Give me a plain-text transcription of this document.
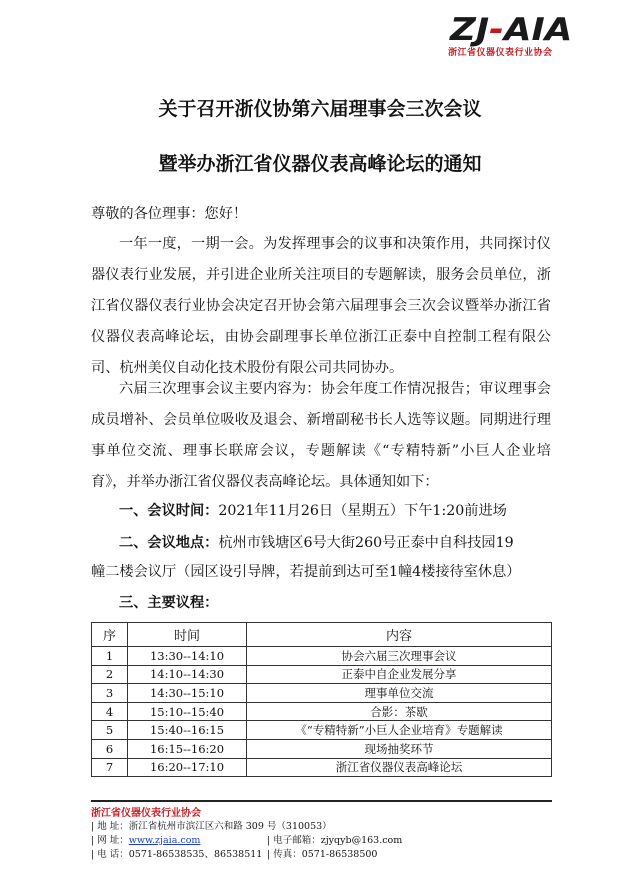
ZJ-AIA
浙江省仪器仪表行业协会
关于召开浙仪协第六届理事会三次会议
暨举办浙江省仪器仪表高峰论坛的通知
尊敬的各位理事：您好！
一年一度，一期一会。为发挥理事会的议事和决策作用，共同探讨仪器仪表行业发展，并引进企业所关注项目的专题解读，服务会员单位，浙江省仪器仪表行业协会决定召开协会第六届理事会三次会议暨举办浙江省仪器仪表高峰论坛，由协会副理事长单位浙江正泰中自控制工程有限公司、杭州美仪自动化技术股份有限公司共同协办。
六届三次理事会议主要内容为：协会年度工作情况报告；审议理事会成员增补、会员单位吸收及退会、新增副秘书长人选等议题。同期进行理事单位交流、理事长联席会议，专题解读《“专精特新”小巨人企业培育》，并举办浙江省仪器仪表高峰论坛。具体通知如下：
一、会议时间：2021年11月26日（星期五）下午1:20前进场
二、会议地点：杭州市钱塘区6号大街260号正泰中自科技园19
幢二楼会议厅（园区设引导牌，若提前到达可至1幢4楼接待室休息）
三、主要议程：
序	时间	内容
1	13:30--14:10	协会六届三次理事会议
2	14:10--14:30	正泰中自企业发展分享
3	14:30--15:10	理事单位交流
4	15:10--15:40	合影：茶歇
5	15:40--16:15	《“专精特新”小巨人企业培育》专题解读
6	16:15--16:20	现场抽奖环节
7	16:20--17:10	浙江省仪器仪表高峰论坛
浙江省仪器仪表行业协会
| 地 址：浙江省杭州市滨江区六和路 309 号（310053）
| 网 址：www.zjaia.com	| 电子邮箱：zjyqyb@163.com
| 电 话：0571-86538535、86538511 | 传真：0571-86538500
